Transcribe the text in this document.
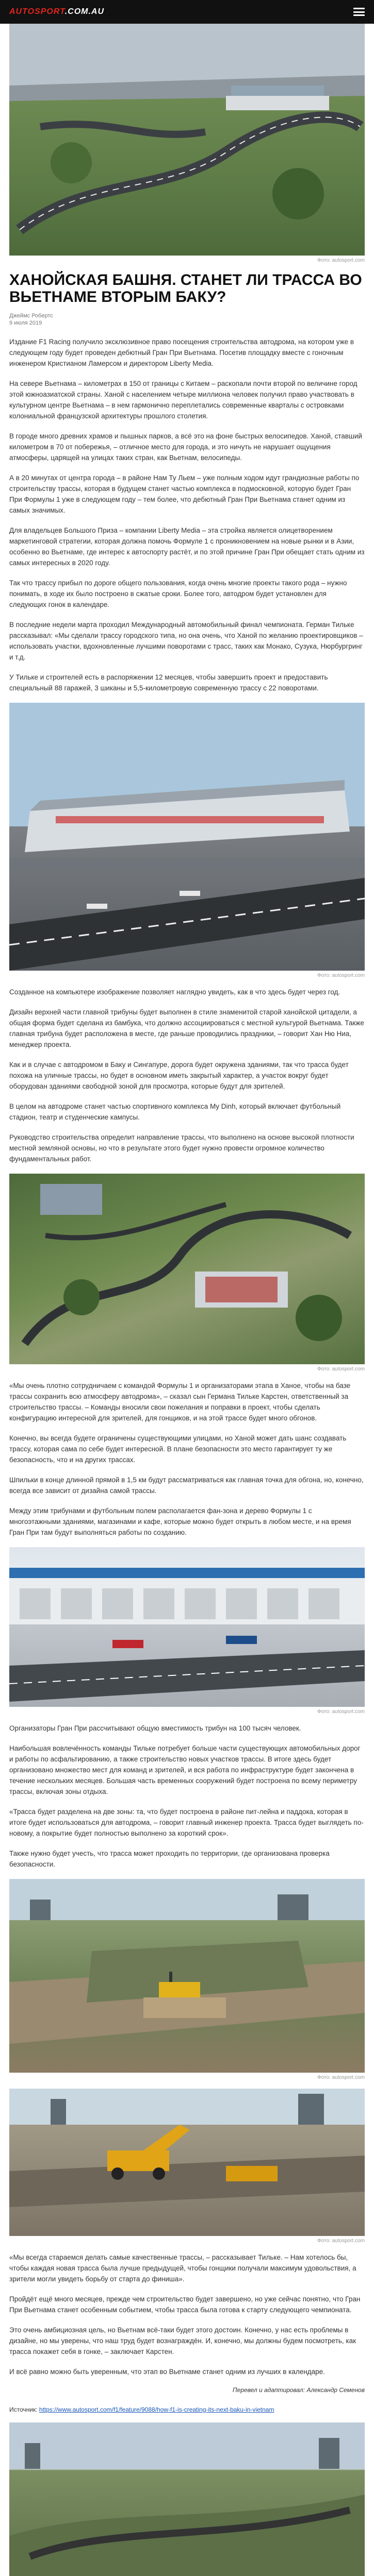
AUTOSPORT.COM.AU
Фото: autosport.com
ХАНОЙСКАЯ БАШНЯ. СТАНЕТ ЛИ ТРАССА ВО ВЬЕТНАМЕ ВТОРЫМ БАКУ?
Джеймс Робертс
9 июля 2019

Издание F1 Racing получило эксклюзивное право посещения строительства автодрома, на котором уже в следующем году будет проведен дебютный Гран При Вьетнама. Посетив площадку вместе с гоночным инженером Кристианом Ламерсом и директором Liberty Media.

На севере Вьетнама – километрах в 150 от границы с Китаем – раскопали почти второй по величине город этой южноазиатской страны. Ханой с населением четыре миллиона человек получил право участвовать в культурном центре Вьетнама – в нем гармонично переплетались современные кварталы с островками колониальной французской архитектуры прошлого столетия.

В городе много древних храмов и пышных парков, а всё это на фоне быстрых велосипедов. Ханой, ставший километром в 70 от побережья, – отличное место для города, и это ничуть не нарушает ощущения атмосферы, царящей на улицах таких стран, как Вьетнам, велосипеды.

А в 20 минутах от центра города – в районе Нам Ту Льем – уже полным ходом идут грандиозные работы по строительству трассы, которая в будущем станет частью комплекса в подмосковной, которую будет Гран При Формулы 1 уже в следующем году – тем более, что дебютный Гран При Вьетнама станет одним из самых значимых.

Для владельцев Большого Приза – компании Liberty Media – эта стройка является олицетворением маркетинговой стратегии, которая должна помочь Формуле 1 с проникновением на новые рынки и в Азии, особенно во Вьетнаме, где интерес к автоспорту растёт, и по этой причине Гран При обещает стать одним из самых интересных в 2020 году.

Так что трассу прибыл по дороге общего пользования, когда очень многие проекты такого рода – нужно понимать, в ходе их было построено в сжатые сроки. Более того, автодром будет установлен для следующих гонок в календаре.

В последние недели марта проходил Международный автомобильный финал чемпионата. Герман Тильке рассказывал: «Мы сделали трассу городского типа, но она очень, что Ханой по желанию проектировщиков – использовать участки, вдохновленные лучшими поворотами с трасс, таких как Монако, Сузука, Нюрбургринг и т.д.

У Тильке и строителей есть в распоряжении 12 месяцев, чтобы завершить проект и предоставить специальный 88 гаражей, 3 шиканы и 5,5-километровую современную трассу с 22 поворотами.

Фото: autosport.com

Созданное на компьютере изображение позволяет наглядно увидеть, как в что здесь будет через год.

Дизайн верхней части главной трибуны будет выполнен в стиле знаменитой старой ханойской цитадели, а общая форма будет сделана из бамбука, что должно ассоциироваться с местной культурой Вьетнама. Также главная трибуна будет расположена в месте, где раньше проводились праздники, – говорит Хан Ню Ниа, менеджер проекта.

Как и в случае с автодромом в Баку и Сингапуре, дорога будет окружена зданиями, так что трасса будет похожа на уличные трассы, но будет в основном иметь закрытый характер, а участок вокруг будет оборудован зданиями свободной зоной для просмотра, которые будут для зрителей.

В целом на автодроме станет частью спортивного комплекса My Dinh, который включает футбольный стадион, театр и студенческие кампусы.

Руководство строительства определит направление трассы, что выполнено на основе высокой плотности местной земляной основы, но что в результате этого будет нужно провести огромное количество фундаментальных работ.

Фото: autosport.com

«Мы очень плотно сотрудничаем с командой Формулы 1 и организаторами этапа в Ханое, чтобы на базе трассы сохранить всю атмосферу автодрома», – сказал сын Германа Тильке Карстен, ответственный за строительство трассы. – Команды вносили свои пожелания и поправки в проект, чтобы сделать конфигурацию интересной для зрителей, для гонщиков, и на этой трассе будет много обгонов.

Конечно, вы всегда будете ограничены существующими улицами, но Ханой может дать шанс создавать трассу, которая сама по себе будет интересной. В плане безопасности это место гарантирует ту же безопасность, что и на других трассах.

Шпильки в конце длинной прямой в 1,5 км будут рассматриваться как главная точка для обгона, но, конечно, всегда все зависит от дизайна самой трассы.

Между этим трибунами и футбольным полем располагается фан-зона и дерево Формулы 1 с многоэтажными зданиями, магазинами и кафе, которые можно будет открыть в любом месте, и на время Гран При там будут выполняться работы по созданию.

Фото: autosport.com

Организаторы Гран При рассчитывают общую вместимость трибун на 100 тысяч человек.

Наибольшая вовлечённость команды Тильке потребует больше части существующих автомобильных дорог и работы по асфальтированию, а также строительство новых участков трассы. В итоге здесь будет организовано множество мест для команд и зрителей, и вся работа по инфраструктуре будет закончена в течение нескольких месяцев. Большая часть временных сооружений будет построена по всему периметру трассы, включая зоны отдыха.

«Трасса будет разделена на две зоны: та, что будет построена в районе пит-лейна и паддока, которая в итоге будет использоваться для автодрома, – говорит главный инженер проекта. Трасса будет выглядеть по-новому, а покрытие будет полностью выполнено за короткий срок».

Также нужно будет учесть, что трасса может проходить по территории, где организована проверка безопасности.

Фото: autosport.com
Фото: autosport.com

«Мы всегда стараемся делать самые качественные трассы, – рассказывает Тильке. – Нам хотелось бы, чтобы каждая новая трасса была лучше предыдущей, чтобы гонщики получали максимум удовольствия, а зрители могли увидеть борьбу от старта до финиша».

Пройдёт ещё много месяцев, прежде чем строительство будет завершено, но уже сейчас понятно, что Гран При Вьетнама станет особенным событием, чтобы трасса была готова к старту следующего чемпионата.

Это очень амбициозная цель, но Вьетнам всё-таки будет этого достоин. Конечно, у нас есть проблемы в дизайне, но мы уверены, что наш труд будет вознаграждён. И, конечно, мы должны будем посмотреть, как трасса покажет себя в гонке, – заключает Карстен.

И всё равно можно быть уверенным, что этап во Вьетнаме станет одним из лучших в календаре.

Перевел и адаптировал: Александр Семенов
Источник: https://www.autosport.com/f1/feature/9088/how-f1-is-creating-its-next-baku-in-vietnam
